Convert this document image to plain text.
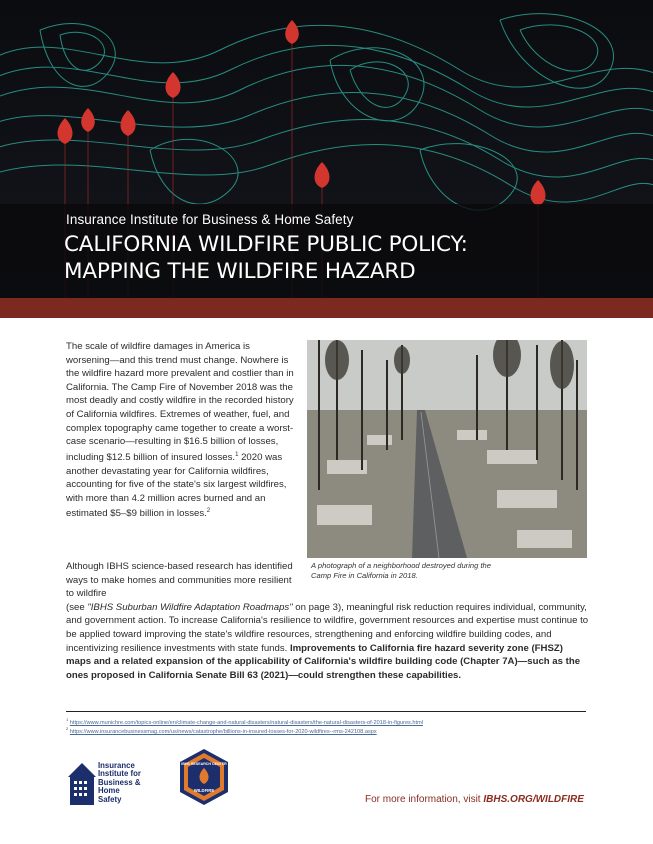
Insurance Institute for Business & Home Safety
CALIFORNIA WILDFIRE PUBLIC POLICY:
MAPPING THE WILDFIRE HAZARD

The scale of wildfire damages in America is worsening—and this trend must change. Nowhere is the wildfire hazard more prevalent and costlier than in California. The Camp Fire of November 2018 was the most deadly and costly wildfire in the recorded history of California wildfires. Extremes of weather, fuel, and complex topography came together to create a worst-case scenario—resulting in $16.5 billion of losses, including $12.5 billion of insured losses.$^1$ 2020 was another devastating year for California wildfires, accounting for five of the state's six largest wildfires, with more than 4.2 million acres burned and an estimated $5–$9 billion in losses.$^2$

A photograph of a neighborhood destroyed during the Camp Fire in California in 2018.
Although IBHS science-based research has identified ways to make homes and communities more resilient to wildfire
(see "IBHS Suburban Wildfire Adaptation Roadmaps" on page 3), meaningful risk reduction requires individual, community, and government action. To increase California's resilience to wildfire, government resources and expertise must continue to be applied toward improving the state's wildfire resources, strengthening and enforcing wildfire building codes, and incentivizing resilience investments with state funds. Improvements to California fire hazard severity zone (FHSZ) maps and a related expansion of the applicability of California's wildfire building code (Chapter 7A)—such as the ones proposed in California Senate Bill 63 (2021)—could strengthen these capabilities.
$^1$ https://www.munichre.com/topics-online/en/climate-change-and-natural-disasters/natural-disasters/the-natural-disasters-of-2018-in-figures.html
$^2$ https://www.insurancebusinessmag.com/us/news/catastrophe/billions-in-insured-losses-for-2020-wildfires--rms-242108.aspx
Insurance
Institute for
Business &
Home
Safety
IBHS RESEARCH CENTER
WILDFIRE
For more information, visit IBHS.ORG/WILDFIRE
